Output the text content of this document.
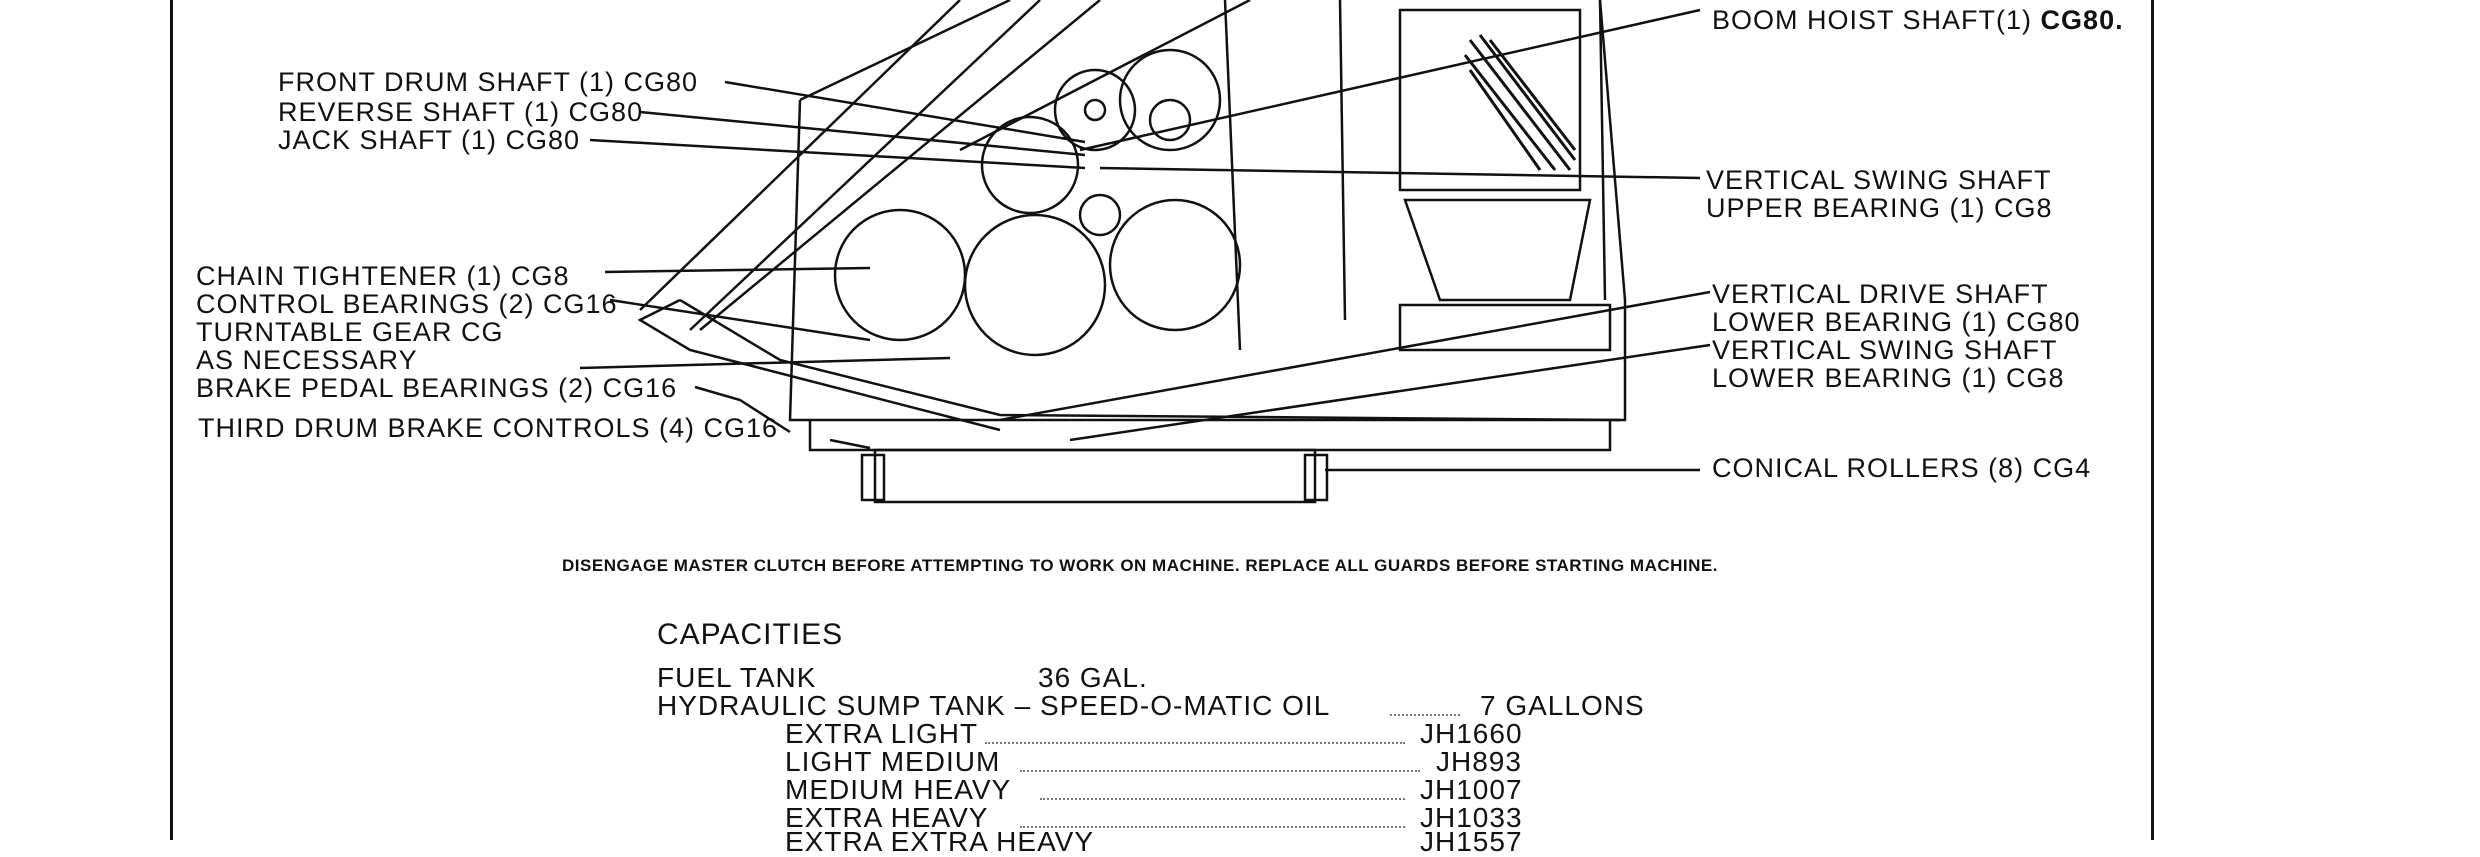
BOOM HOIST SHAFT(1) CG80.
FRONT DRUM SHAFT (1) CG80
REVERSE SHAFT (1) CG80
JACK SHAFT (1) CG80
VERTICAL SWING SHAFT
UPPER BEARING (1) CG8
CHAIN TIGHTENER (1) CG8
CONTROL BEARINGS (2) CG16
TURNTABLE GEAR CG
AS NECESSARY
BRAKE PEDAL BEARINGS (2) CG16
THIRD DRUM BRAKE CONTROLS (4) CG16
VERTICAL DRIVE SHAFT
LOWER BEARING (1) CG80
VERTICAL SWING SHAFT
LOWER BEARING (1) CG8
CONICAL ROLLERS (8) CG4
DISENGAGE MASTER CLUTCH BEFORE ATTEMPTING TO WORK ON MACHINE. REPLACE ALL GUARDS BEFORE STARTING MACHINE.
CAPACITIES
FUEL TANK	36 GAL.
HYDRAULIC SUMP TANK – SPEED-O-MATIC OIL	7 GALLONS
EXTRA LIGHT	JH1660
LIGHT MEDIUM	JH893
MEDIUM HEAVY	JH1007
EXTRA HEAVY	JH1033
EXTRA EXTRA HEAVY	JH1557
